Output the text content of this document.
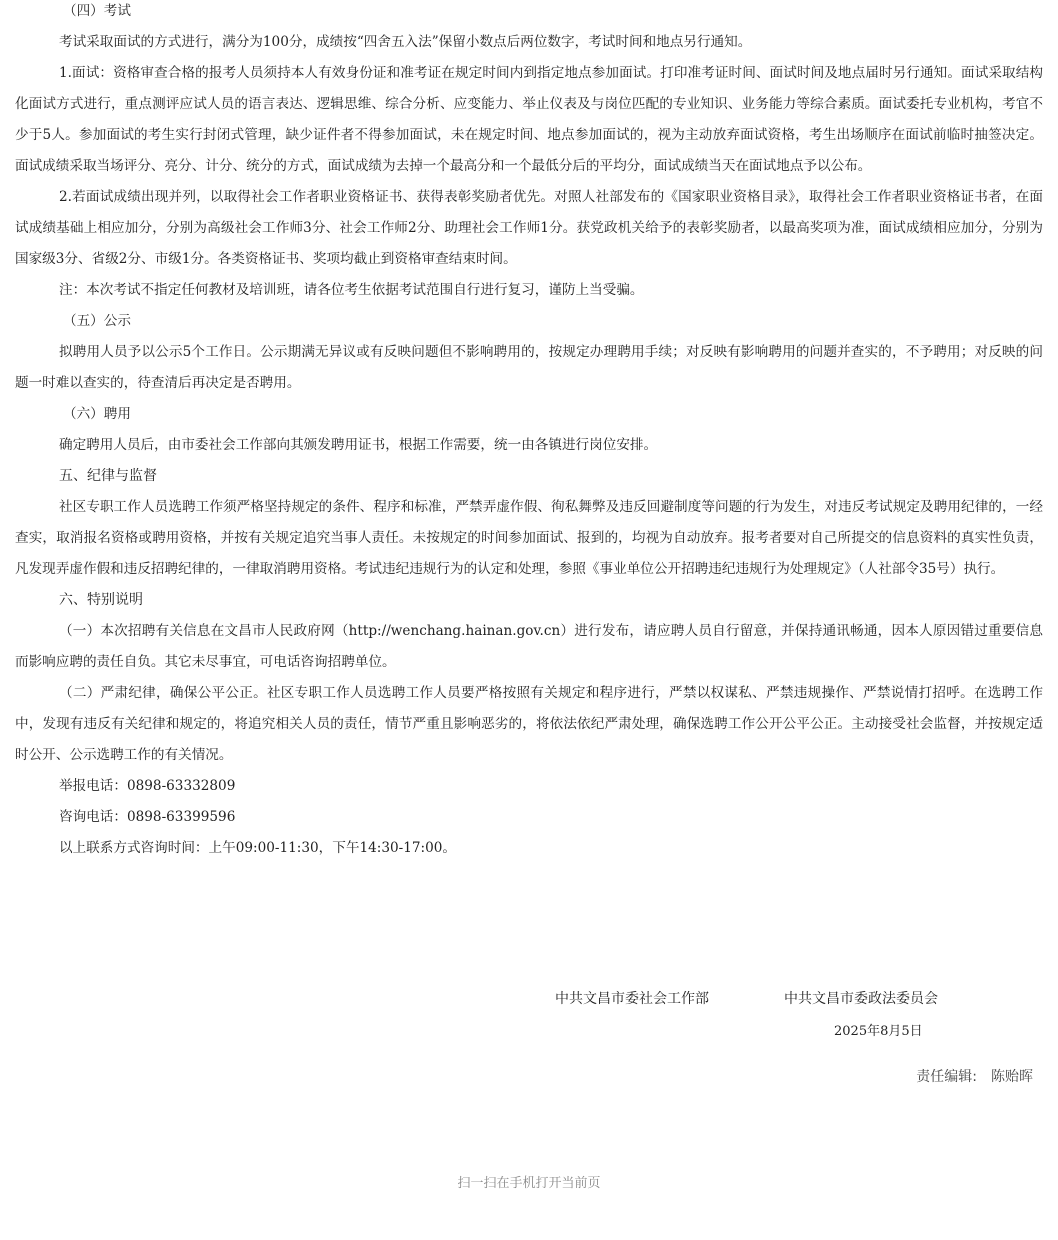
（四）考试

考试采取面试的方式进行，满分为100分，成绩按“四舍五入法”保留小数点后两位数字，考试时间和地点另行通知。

1.面试：资格审查合格的报考人员须持本人有效身份证和准考证在规定时间内到指定地点参加面试。打印准考证时间、面试时间及地点届时另行通知。面试采取结构化面试方式进行，重点测评应试人员的语言表达、逻辑思维、综合分析、应变能力、举止仪表及与岗位匹配的专业知识、业务能力等综合素质。面试委托专业机构，考官不少于5人。参加面试的考生实行封闭式管理，缺少证件者不得参加面试，未在规定时间、地点参加面试的，视为主动放弃面试资格，考生出场顺序在面试前临时抽签决定。面试成绩采取当场评分、亮分、计分、统分的方式，面试成绩为去掉一个最高分和一个最低分后的平均分，面试成绩当天在面试地点予以公布。

2.若面试成绩出现并列，以取得社会工作者职业资格证书、获得表彰奖励者优先。对照人社部发布的《国家职业资格目录》，取得社会工作者职业资格证书者，在面试成绩基础上相应加分，分别为高级社会工作师3分、社会工作师2分、助理社会工作师1分。获党政机关给予的表彰奖励者，以最高奖项为准，面试成绩相应加分，分别为国家级3分、省级2分、市级1分。各类资格证书、奖项均截止到资格审查结束时间。

注：本次考试不指定任何教材及培训班，请各位考生依据考试范围自行进行复习，谨防上当受骗。

（五）公示

拟聘用人员予以公示5个工作日。公示期满无异议或有反映问题但不影响聘用的，按规定办理聘用手续；对反映有影响聘用的问题并查实的，不予聘用；对反映的问题一时难以查实的，待查清后再决定是否聘用。

（六）聘用

确定聘用人员后，由市委社会工作部向其颁发聘用证书，根据工作需要，统一由各镇进行岗位安排。

五、纪律与监督

社区专职工作人员选聘工作须严格坚持规定的条件、程序和标准，严禁弄虚作假、徇私舞弊及违反回避制度等问题的行为发生，对违反考试规定及聘用纪律的，一经查实，取消报名资格或聘用资格，并按有关规定追究当事人责任。未按规定的时间参加面试、报到的，均视为自动放弃。报考者要对自己所提交的信息资料的真实性负责，凡发现弄虚作假和违反招聘纪律的，一律取消聘用资格。考试违纪违规行为的认定和处理，参照《事业单位公开招聘违纪违规行为处理规定》（人社部令35号）执行。

六、特别说明

（一）本次招聘有关信息在文昌市人民政府网（http://wenchang.hainan.gov.cn）进行发布，请应聘人员自行留意，并保持通讯畅通，因本人原因错过重要信息而影响应聘的责任自负。其它未尽事宜，可电话咨询招聘单位。

（二）严肃纪律，确保公平公正。社区专职工作人员选聘工作人员要严格按照有关规定和程序进行，严禁以权谋私、严禁违规操作、严禁说情打招呼。在选聘工作中，发现有违反有关纪律和规定的，将追究相关人员的责任，情节严重且影响恶劣的，将依法依纪严肃处理，确保选聘工作公开公平公正。主动接受社会监督，并按规定适时公开、公示选聘工作的有关情况。

举报电话：0898-63332809

咨询电话：0898-63399596

以上联系方式咨询时间：上午09:00-11:30，下午14:30-17:00。

中共文昌市委社会工作部	中共文昌市委政法委员会
2025年8月5日
责任编辑: 陈贻晖
扫一扫在手机打开当前页
